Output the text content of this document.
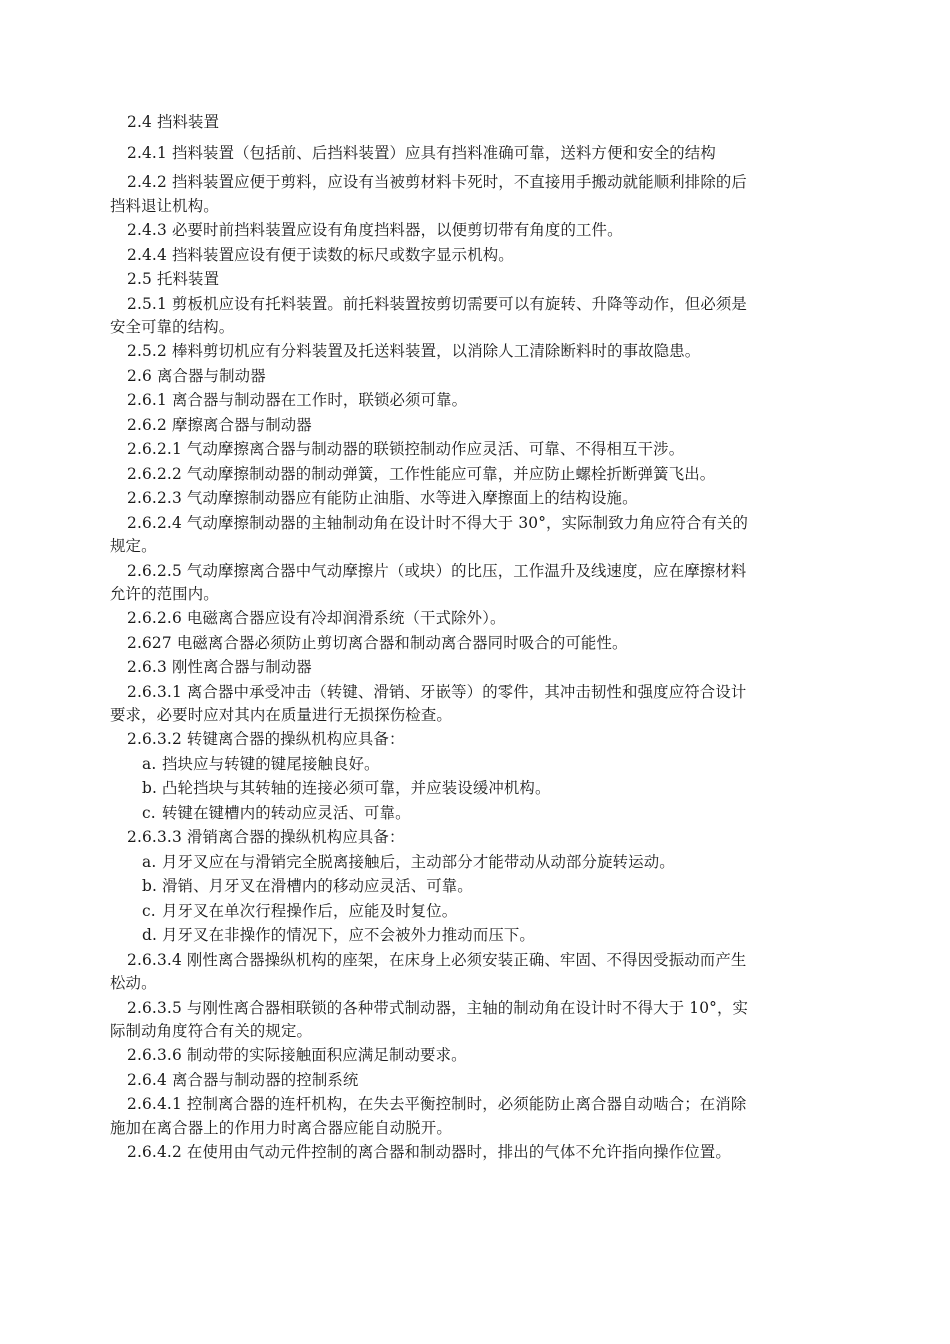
2.4 挡料装置
2.4.1 挡料装置（包括前、后挡料装置）应具有挡料准确可靠，送料方便和安全的结构
2.4.2 挡料装置应便于剪料，应设有当被剪材料卡死时，不直接用手搬动就能顺利排除的后挡料退让机构。
2.4.3 必要时前挡料装置应设有角度挡料器，以便剪切带有角度的工件。
2.4.4 挡料装置应设有便于读数的标尺或数字显示机构。
2.5 托料装置
2.5.1 剪板机应设有托料装置。前托料装置按剪切需要可以有旋转、升降等动作，但必须是安全可靠的结构。
2.5.2 棒料剪切机应有分料装置及托送料装置，以消除人工清除断料时的事故隐患。
2.6 离合器与制动器
2.6.1 离合器与制动器在工作时，联锁必须可靠。
2.6.2 摩擦离合器与制动器
2.6.2.1 气动摩擦离合器与制动器的联锁控制动作应灵活、可靠、不得相互干涉。
2.6.2.2 气动摩擦制动器的制动弹簧，工作性能应可靠，并应防止螺栓折断弹簧飞出。
2.6.2.3 气动摩擦制动器应有能防止油脂、水等进入摩擦面上的结构设施。
2.6.2.4 气动摩擦制动器的主轴制动角在设计时不得大于 30°，实际制致力角应符合有关的规定。
2.6.2.5 气动摩擦离合器中气动摩擦片（或块）的比压，工作温升及线速度，应在摩擦材料允许的范围内。
2.6.2.6 电磁离合器应设有冷却润滑系统（干式除外）。
2.627 电磁离合器必须防止剪切离合器和制动离合器同时吸合的可能性。
2.6.3 刚性离合器与制动器
2.6.3.1 离合器中承受冲击（转键、滑销、牙嵌等）的零件，其冲击韧性和强度应符合设计要求，必要时应对其内在质量进行无损探伤检查。
2.6.3.2 转键离合器的操纵机构应具备：
a. 挡块应与转键的键尾接触良好。
b. 凸轮挡块与其转轴的连接必须可靠，并应装设缓冲机构。
c. 转键在键槽内的转动应灵活、可靠。
2.6.3.3 滑销离合器的操纵机构应具备：
a. 月牙叉应在与滑销完全脱离接触后，主动部分才能带动从动部分旋转运动。
b. 滑销、月牙叉在滑槽内的移动应灵活、可靠。
c. 月牙叉在单次行程操作后，应能及时复位。
d. 月牙叉在非操作的情况下，应不会被外力推动而压下。
2.6.3.4 刚性离合器操纵机构的座架，在床身上必须安装正确、牢固、不得因受振动而产生松动。
2.6.3.5 与刚性离合器相联锁的各种带式制动器，主轴的制动角在设计时不得大于 10°，实际制动角度符合有关的规定。
2.6.3.6 制动带的实际接触面积应满足制动要求。
2.6.4 离合器与制动器的控制系统
2.6.4.1 控制离合器的连杆机构，在失去平衡控制时，必须能防止离合器自动啮合；在消除施加在离合器上的作用力时离合器应能自动脱开。
2.6.4.2 在使用由气动元件控制的离合器和制动器时，排出的气体不允许指向操作位置。
